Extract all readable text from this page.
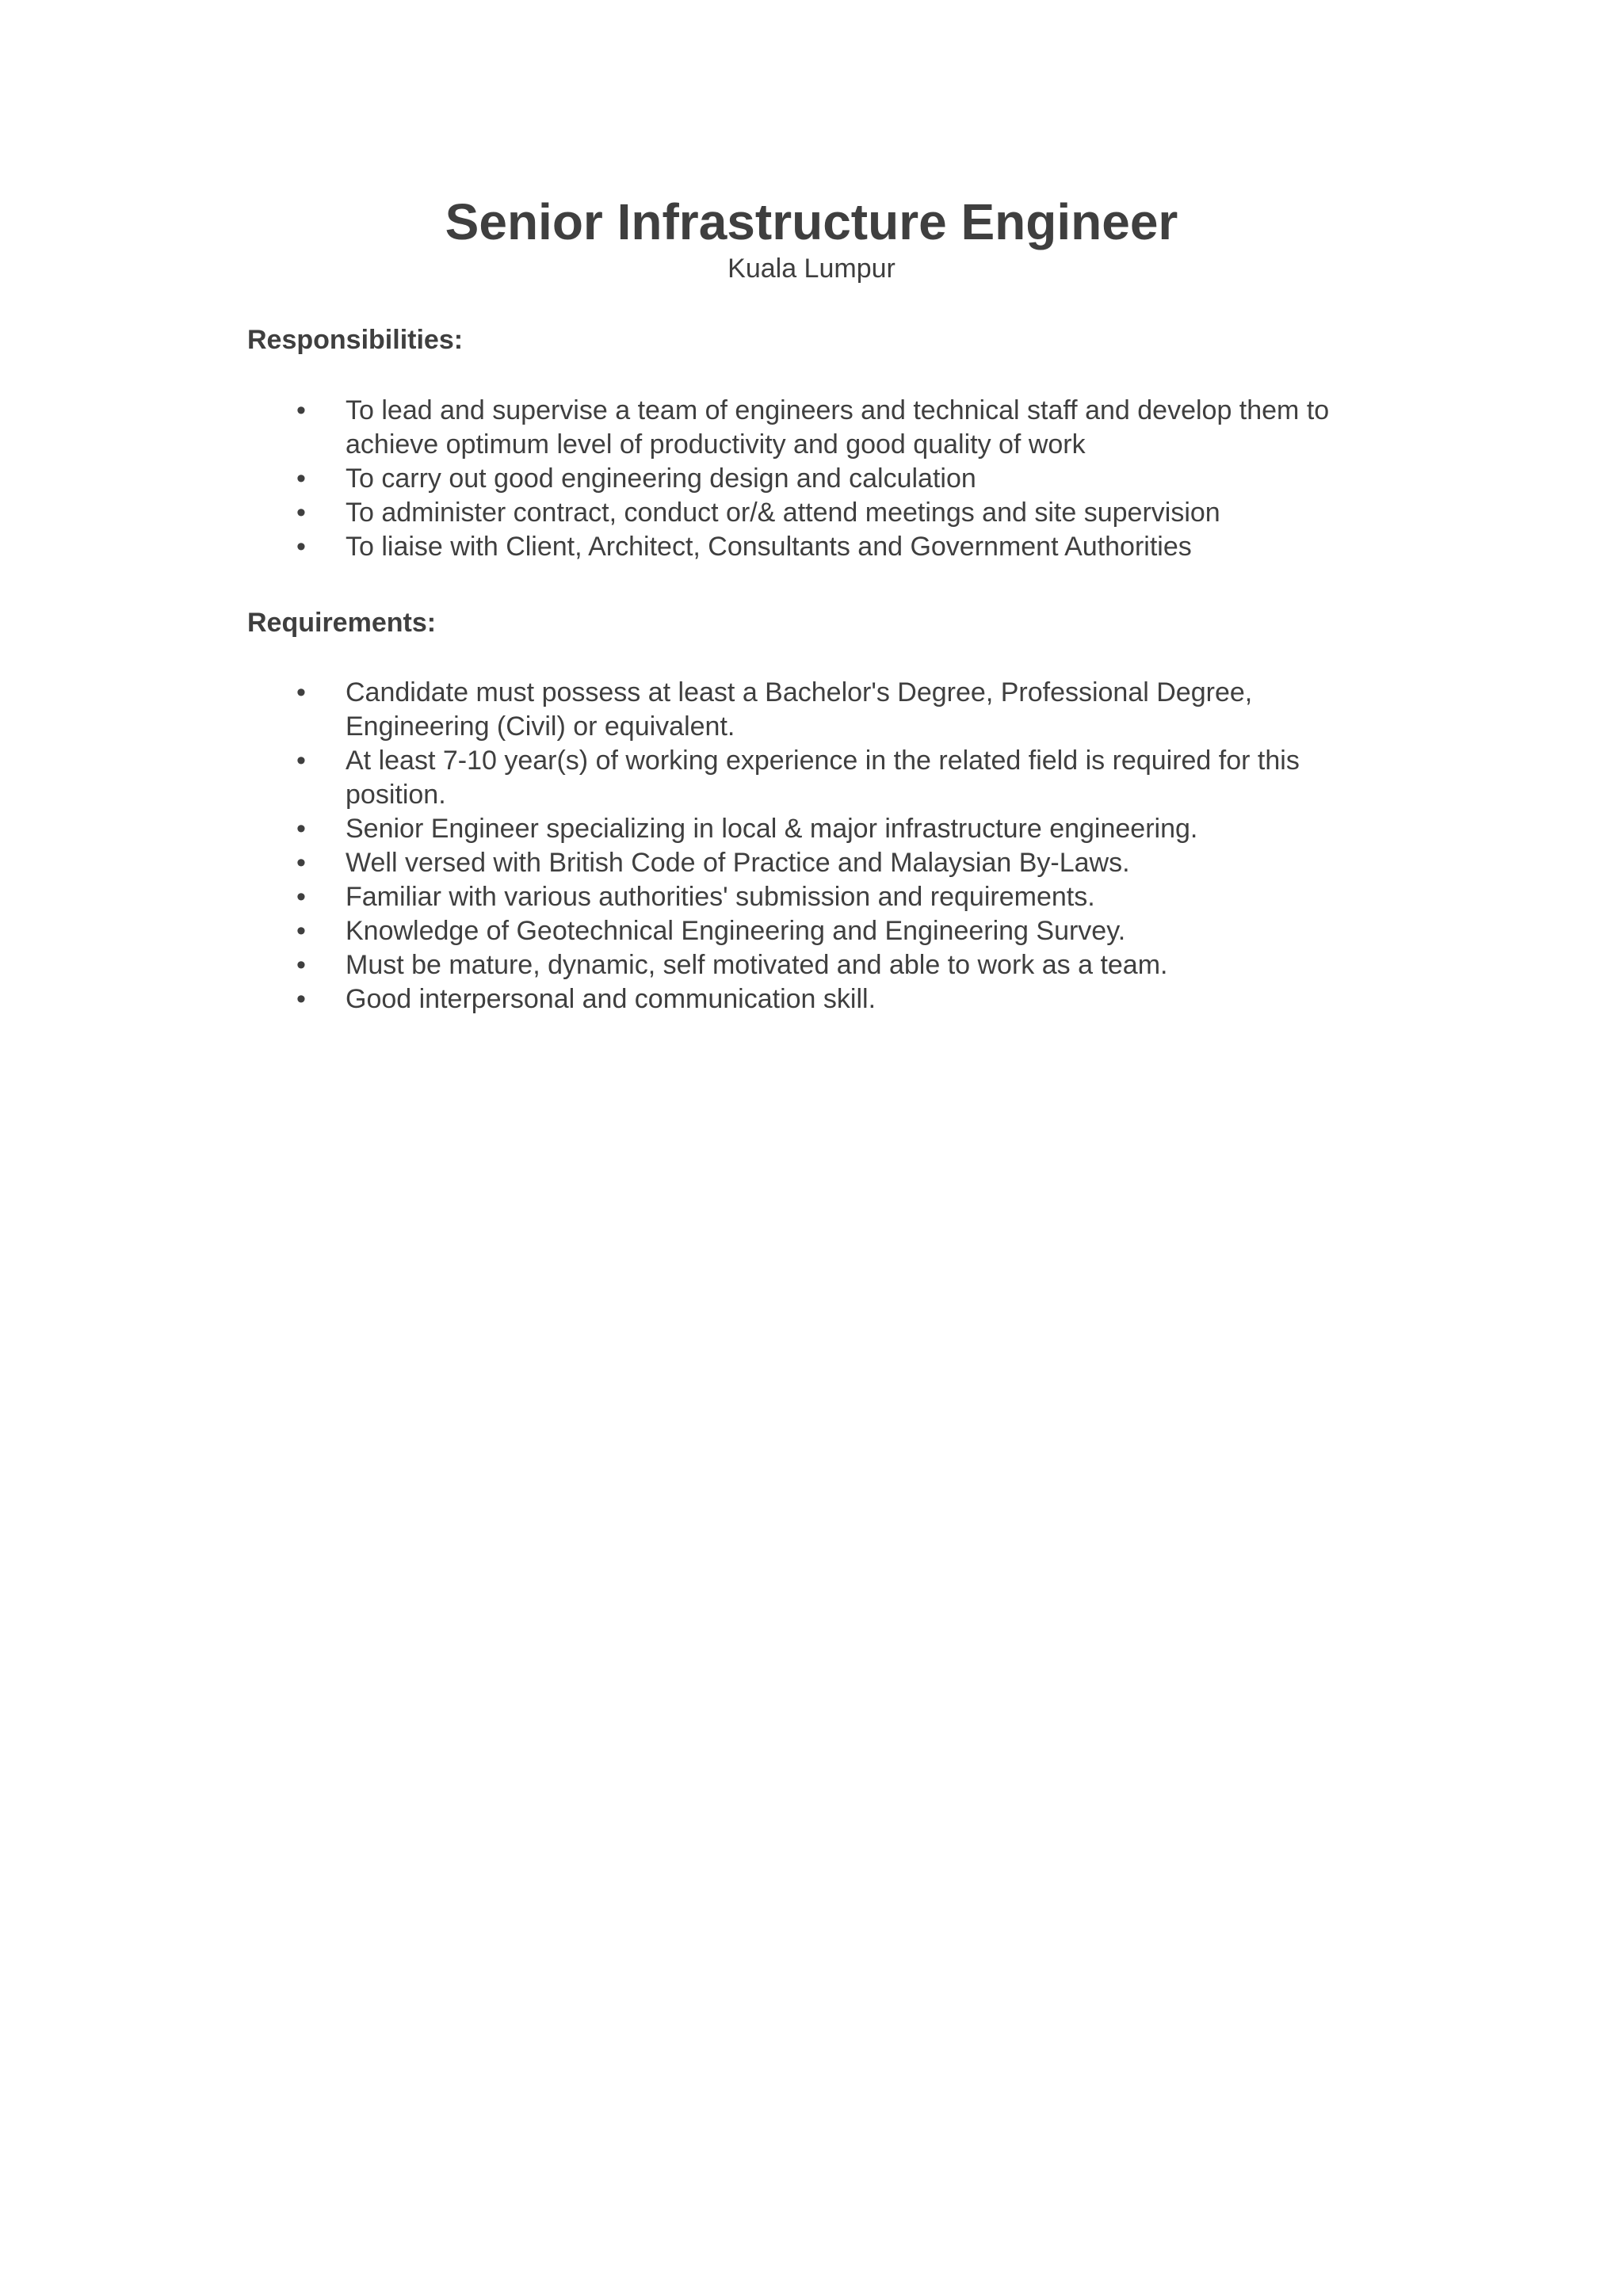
Senior Infrastructure Engineer

Kuala Lumpur

Responsibilities:
• To lead and supervise a team of engineers and technical staff and develop them to achieve optimum level of productivity and good quality of work
• To carry out good engineering design and calculation
• To administer contract, conduct or/& attend meetings and site supervision
• To liaise with Client, Architect, Consultants and Government Authorities
Requirements:
• Candidate must possess at least a Bachelor's Degree, Professional Degree, Engineering (Civil) or equivalent.
• At least 7-10 year(s) of working experience in the related field is required for this position.
• Senior Engineer specializing in local & major infrastructure engineering.
• Well versed with British Code of Practice and Malaysian By-Laws.
• Familiar with various authorities' submission and requirements.
• Knowledge of Geotechnical Engineering and Engineering Survey.
• Must be mature, dynamic, self motivated and able to work as a team.
• Good interpersonal and communication skill.
